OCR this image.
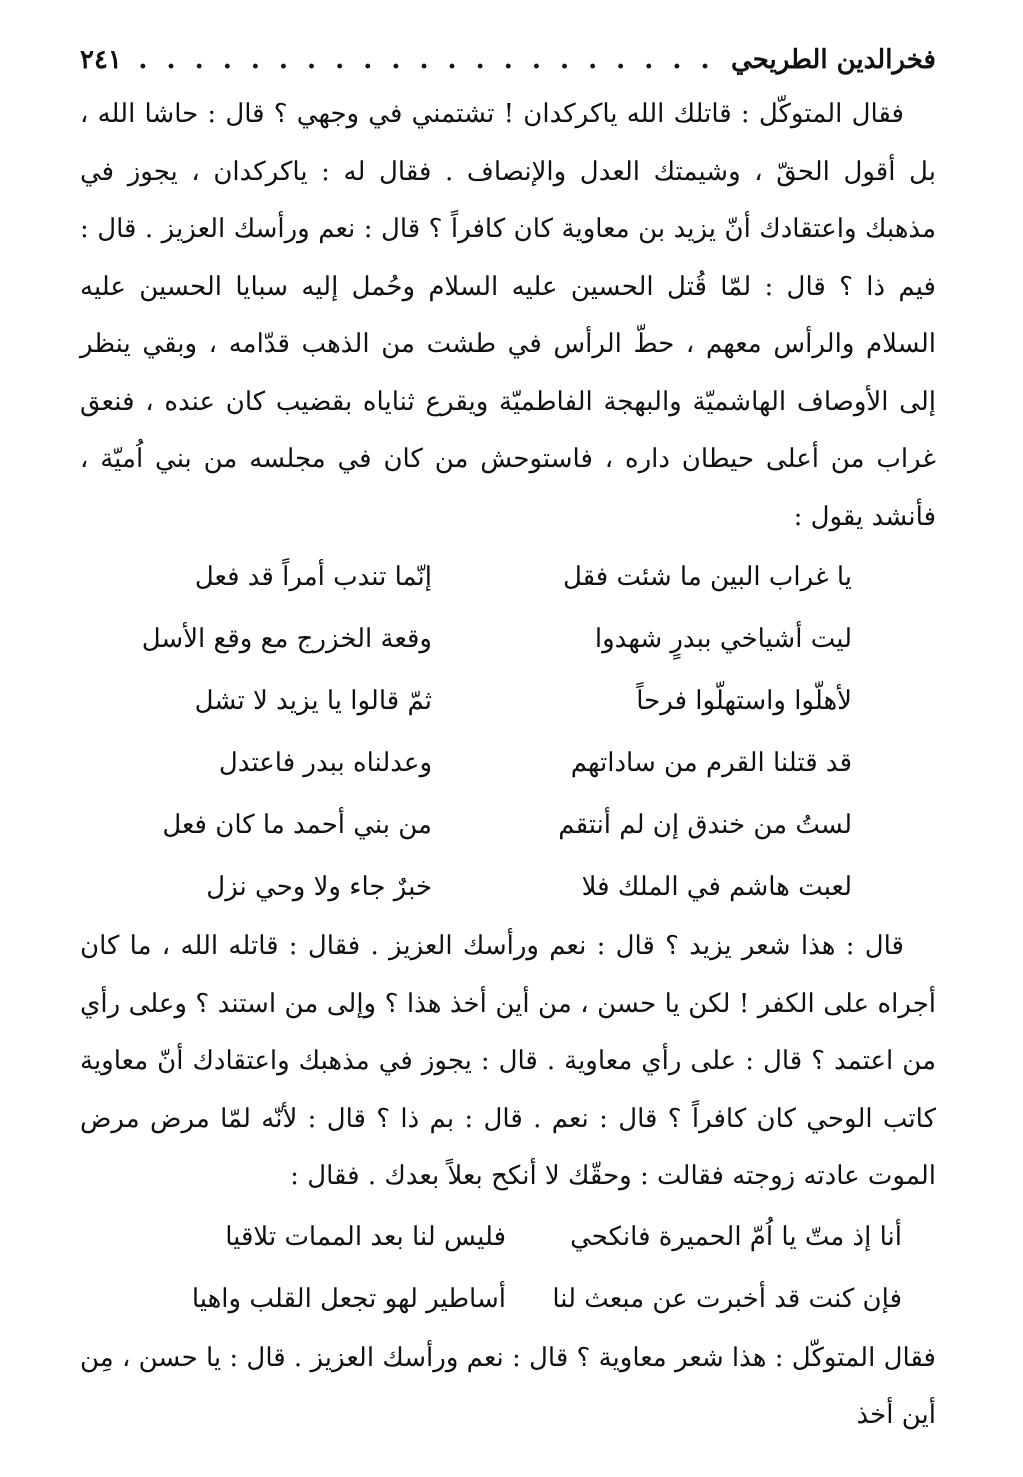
فخرالدين الطريحي
. . . . . . . . . . . . . . . . . . . . .
٢٤١

فقال المتوكّل : قاتلك الله ياكركدان ! تشتمني في وجهي ؟ قال : حاشا الله ، بل أقول الحقّ ، وشيمتك العدل والإنصاف . فقال له : ياكركدان ، يجوز في مذهبك واعتقادك أنّ يزيد بن معاوية كان كافراً ؟ قال : نعم ورأسك العزيز . قال : فيم ذا ؟ قال : لمّا قُتل الحسين عليه السلام وحُمل إليه سبايا الحسين عليه السلام والرأس معهم ، حطّ الرأس في طشت من الذهب قدّامه ، وبقي ينظر إلى الأوصاف الهاشميّة والبهجة الفاطميّة ويقرع ثناياه بقضيب كان عنده ، فنعق غراب من أعلى حيطان داره ، فاستوحش من كان في مجلسه من بني اُميّة ، فأنشد يقول :

يا غراب البين ما شئت فقل
إنّما تندب أمراً قد فعل
ليت أشياخي ببدرٍ شهدوا
وقعة الخزرج مع وقع الأسل
لأهلّوا واستهلّوا فرحاً
ثمّ قالوا يا يزيد لا تشل
قد قتلنا القرم من ساداتهم
وعدلناه ببدر فاعتدل
لستُ من خندق إن لم أنتقم
من بني أحمد ما كان فعل
لعبت هاشم في الملك فلا
خبرٌ جاء ولا وحي نزل

قال : هذا شعر يزيد ؟ قال : نعم ورأسك العزيز . فقال : قاتله الله ، ما كان أجراه على الكفر ! لكن يا حسن ، من أين أخذ هذا ؟ وإلى من استند ؟ وعلى رأي من اعتمد ؟ قال : على رأي معاوية . قال : يجوز في مذهبك واعتقادك أنّ معاوية كاتب الوحي كان كافراً ؟ قال : نعم . قال : بم ذا ؟ قال : لأنّه لمّا مرض مرض الموت عادته زوجته فقالت : وحقّك لا أنكح بعلاً بعدك . فقال :

أنا إذ متّ يا اُمّ الحميرة فانكحي
فليس لنا بعد الممات تلاقيا
فإن كنت قد أخبرت عن مبعث لنا
أساطير لهو تجعل القلب واهيا

فقال المتوكّل : هذا شعر معاوية ؟ قال : نعم ورأسك العزيز . قال : يا حسن ، مِن أين أخذ
